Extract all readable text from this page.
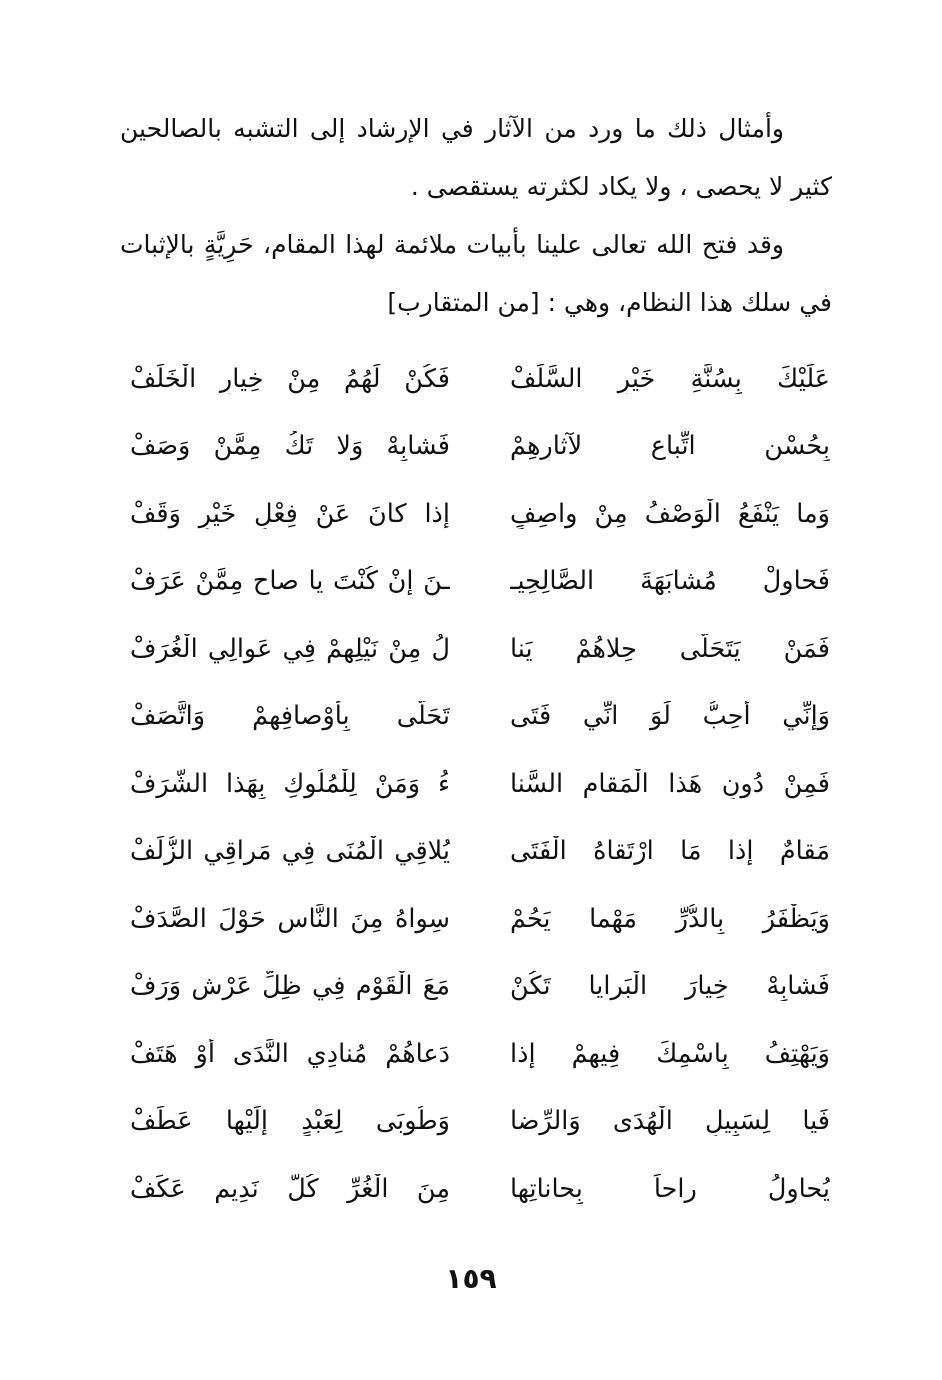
وأمثال ذلك ما ورد من الآثار في الإرشاد إلى التشبه بالصالحين كثير لا يحصى ، ولا يكاد لكثرته يستقصى .

وقد فتح الله تعالى علينا بأبيات ملائمة لهذا المقام، حَرِيَّةٍ بالإثبات في سلك هذا النظام، وهي : [من المتقارب]

عَلَيْكَ بِسُنَّةِ خَيْرِ السَّلَفْ
فَكُنْ لَهُمُ مِنْ خِيارِ الْخَلَفْ
بِحُسْنِ اتِّباعٍ لآثارِهِمْ
فَشابِهْ وَلا تَكُ مِمَّنْ وَصَفْ
وَما يَنْفَعُ الْوَصْفُ مِنْ واصِفٍ
إذا كانَ عَنْ فِعْلِ خَيْرٍ وَقَفْ
فَحاوِلْ مُشابَهَةَ الصَّالِحِيـ
ـنَ إنْ كُنْتَ يا صاحِ مِمَّنْ عَرَفْ
فَمَنْ يَتَحَلَّى حِلاهُمْ يَنا
لُ مِنْ نَيْلِهِمْ فِي عَوالِي الْغُرَفْ
وَإنِّي أُحِبُّ لَوَ انِّي فَتَى
تَحَلَّى بِأَوْصافِهِمْ وَاتَّصَفْ
فَمِنْ دُونِ هَذا الْمَقامِ السَّنا
ءُ وَمَنْ لِلْمُلُوكِ بِهَذا الشَّرَفْ
مَقامٌ إذا مَا ارْتَقاهُ الْفَتَى
يُلاقِي الْمُنَى فِي مَراقِي الزُّلَفْ
وَيَظْفَرُ بِالدُّرِّ مَهْما يَحُمْ
سِواهُ مِنَ النَّاسِ حَوْلَ الصَّدَفْ
فَشابِهْ خِيارَ الْبَرايا تَكُنْ
مَعَ الْقَوْمِ فِي ظِلِّ عَرْشٍ وَرَفْ
وَيَهْتِفُ بِاسْمِكَ فِيهِمْ إذا
دَعاهُمْ مُنادِي النَّدَى أَوْ هَتَفْ
فَيا لِسَبِيلِ الْهُدَى وَالرِّضا
وَطُوبَى لِعَبْدٍ إلَيْها عَطَفْ
يُحاوِلُ راحاً بِحاناتِها
مِنَ الْغُرِّ كُلُّ نَدِيمٍ عَكَفْ
١٥٩
